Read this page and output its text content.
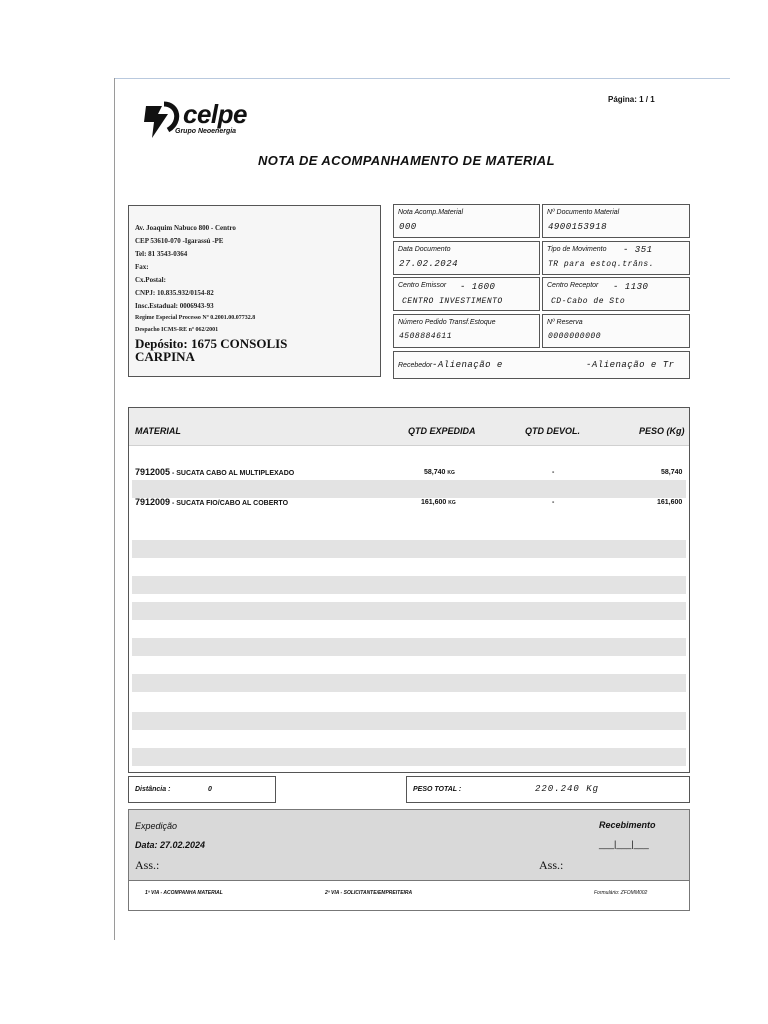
Página: 1 / 1
celpe
Grupo Neoenergia
NOTA DE ACOMPANHAMENTO DE MATERIAL
Av. Joaquim Nabuco 800 - Centro
CEP 53610-070 -Igarassú -PE
Tel: 81 3543-0364
Fax:
Cx.Postal:
CNPJ: 10.835.932/0154-82
Insc.Estadual: 0006943-93
Regime Especial Processo Nº 0.2001.00.07732.8
Despacho ICMS-RE nº 062/2001
Depósito: 1675 CONSOLIS
CARPINA
Nota Acomp.Material
000
Nº Documento Material
4900153918
Data Documento
27.02.2024
Tipo de Movimento - 351
TR para estoq.trâns.
Centro Emissor - 1600
CENTRO INVESTIMENTO
Centro Receptor - 1130
CD-Cabo de Sto
Número Pedido Transf.Estoque
4508884611
Nº Reserva
0000000000
Recebedor -Alienação e	-Alienação e Tr
MATERIAL	QTD EXPEDIDA	QTD DEVOL.	PESO (Kg)
7912005 - SUCATA CABO AL MULTIPLEXADO	58,740 KG	-	58,740
7912009 - SUCATA FIO/CABO AL COBERTO	161,600 KG	-	161,600
Distância :	0	PESO TOTAL :	220.240 Kg
Expedição
Data: 27.02.2024
Ass.:
Recebimento
___|___|___
Ass.:
1ª VIA - ACOMPANHA MATERIAL	2ª VIA - SOLICITANTE/EMPREITEIRA	Formulário: ZFOMM002
